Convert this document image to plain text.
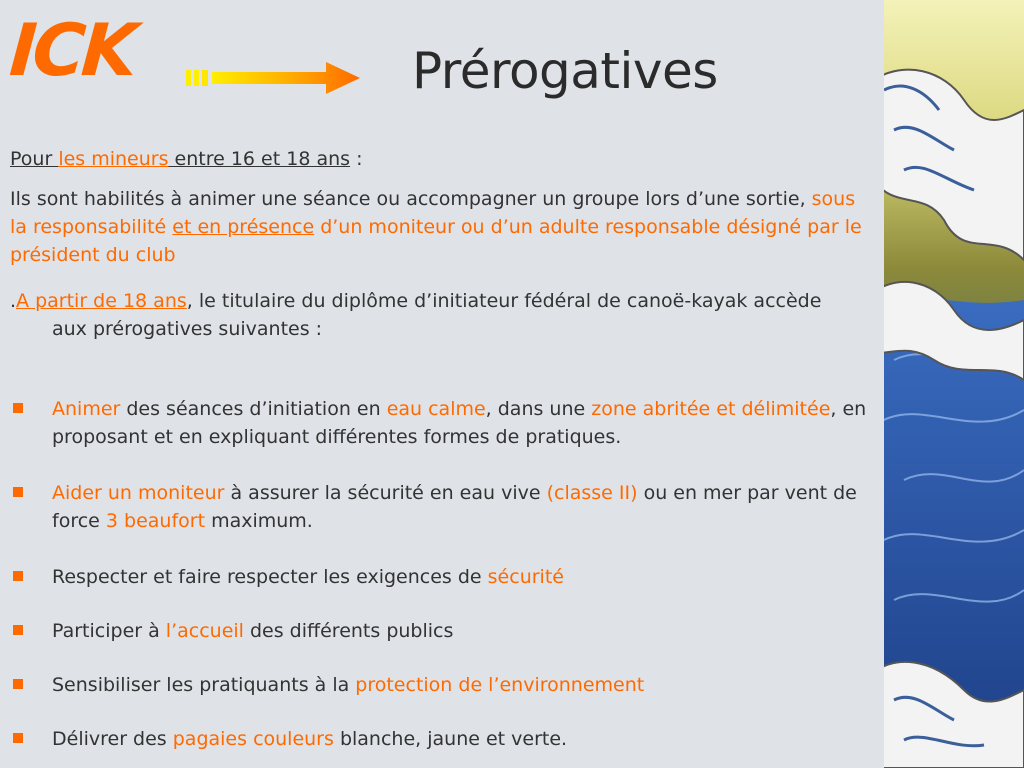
ICK	Prérogatives
Pour les mineurs entre 16 et 18 ans :

Ils sont habilités à animer une séance ou accompagner un groupe lors d’une sortie, sous la responsabilité et en présence d’un moniteur ou d’un adulte responsable désigné par le président du club

.A partir de 18 ans, le titulaire du diplôme d’initiateur fédéral de canoë-kayak accède
aux prérogatives suivantes :

Animer des séances d’initiation en eau calme, dans une zone abritée et délimitée, en proposant et en expliquant différentes formes de pratiques.
Aider un moniteur à assurer la sécurité en eau vive (classe II) ou en mer par vent de force 3 beaufort maximum.
Respecter et faire respecter les exigences de sécurité
Participer à l’accueil des différents publics
Sensibiliser les pratiquants à la protection de l’environnement
Délivrer des pagaies couleurs blanche, jaune et verte.
